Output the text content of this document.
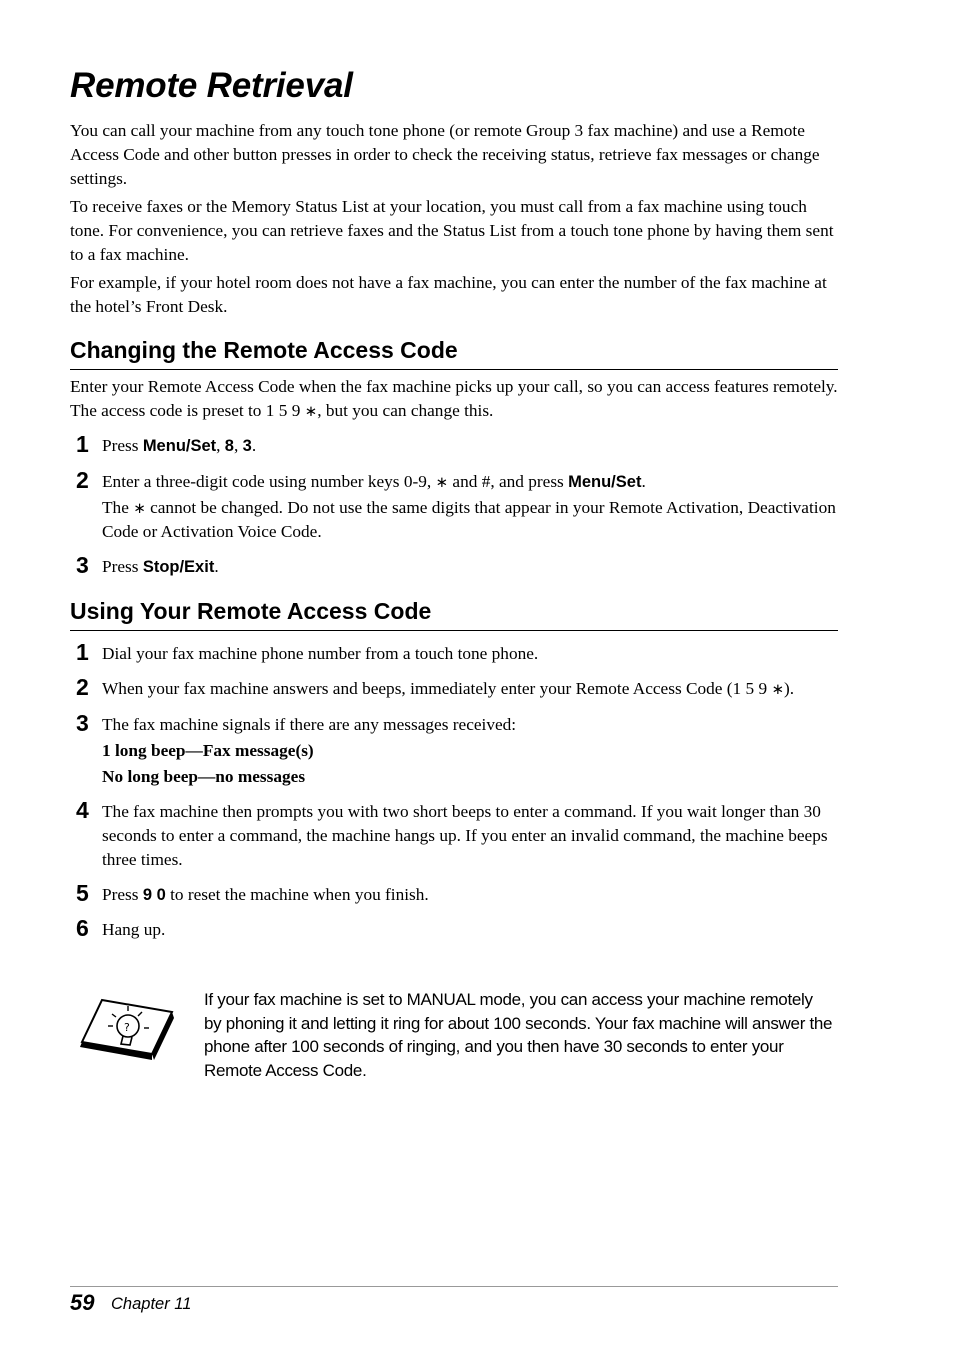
Remote Retrieval

You can call your machine from any touch tone phone (or remote Group 3 fax machine) and use a Remote Access Code and other button presses in order to check the receiving status, retrieve fax messages or change settings.

To receive faxes or the Memory Status List at your location, you must call from a fax machine using touch tone. For convenience, you can retrieve faxes and the Status List from a touch tone phone by having them sent to a fax machine.

For example, if your hotel room does not have a fax machine, you can enter the number of the fax machine at the hotel’s Front Desk.

Changing the Remote Access Code

Enter your Remote Access Code when the fax machine picks up your call, so you can access features remotely. The access code is preset to 1 5 9 ∗, but you can change this.

1 Press Menu/Set, 8, 3.
2 Enter a three-digit code using number keys 0-9, ∗ and #, and press Menu/Set.
The ∗ cannot be changed. Do not use the same digits that appear in your Remote Activation, Deactivation Code or Activation Voice Code.
3 Press Stop/Exit.
Using Your Remote Access Code
1 Dial your fax machine phone number from a touch tone phone.
2 When your fax machine answers and beeps, immediately enter your Remote Access Code (1 5 9 ∗).
3 The fax machine signals if there are any messages received:
1 long beep—Fax message(s)
No long beep—no messages
4 The fax machine then prompts you with two short beeps to enter a command. If you wait longer than 30 seconds to enter a command, the machine hangs up. If you enter an invalid command, the machine beeps three times.
5 Press 9 0 to reset the machine when you finish.
6 Hang up.
?
If your fax machine is set to MANUAL mode, you can access your machine remotely by phoning it and letting it ring for about 100 seconds. Your fax machine will answer the phone after 100 seconds of ringing, and you then have 30 seconds to enter your Remote Access Code.
59 Chapter 11
